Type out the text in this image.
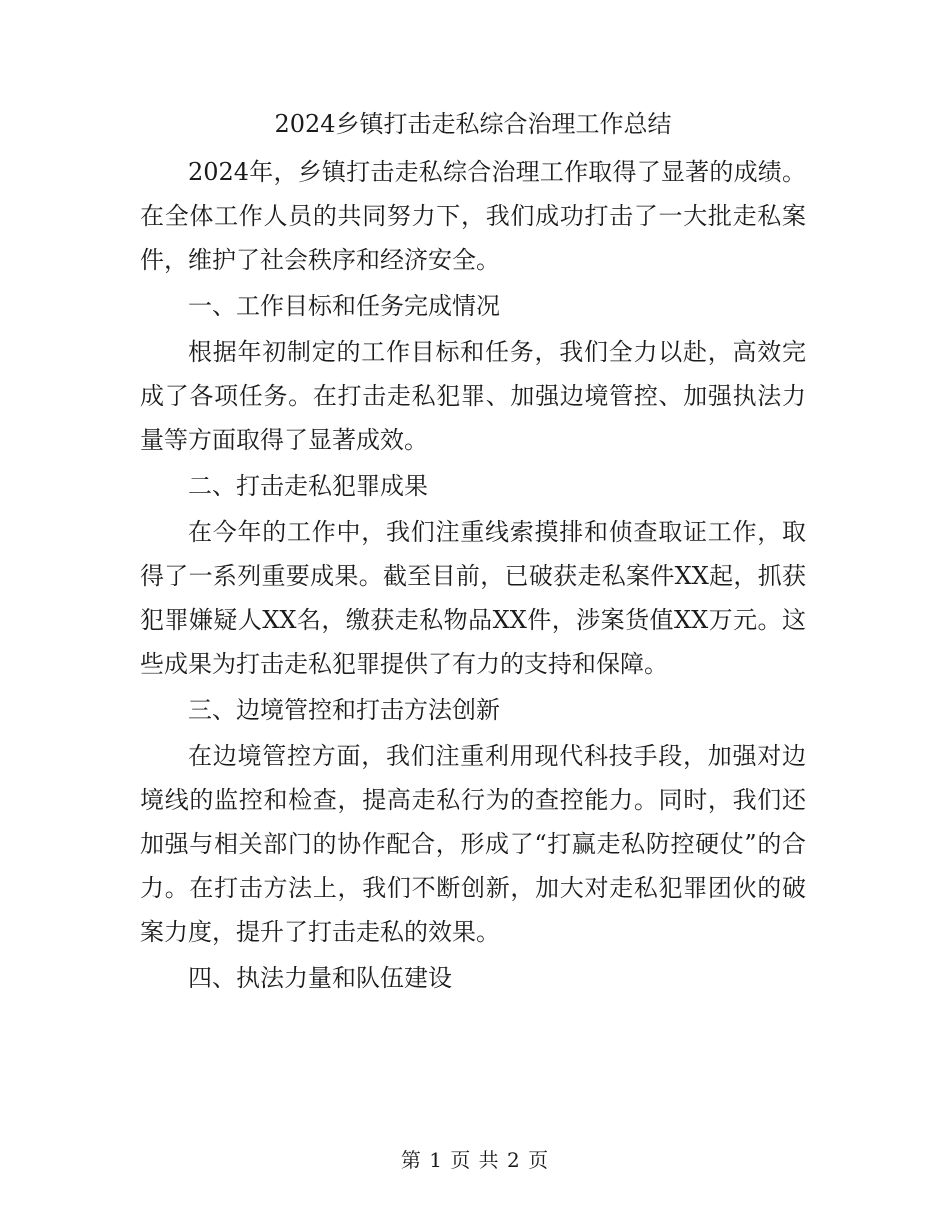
2024乡镇打击走私综合治理工作总结

2024年，乡镇打击走私综合治理工作取得了显著的成绩。在全体工作人员的共同努力下，我们成功打击了一大批走私案件，维护了社会秩序和经济安全。

一、工作目标和任务完成情况

根据年初制定的工作目标和任务，我们全力以赴，高效完成了各项任务。在打击走私犯罪、加强边境管控、加强执法力量等方面取得了显著成效。

二、打击走私犯罪成果

在今年的工作中，我们注重线索摸排和侦查取证工作，取得了一系列重要成果。截至目前，已破获走私案件XX起，抓获犯罪嫌疑人XX名，缴获走私物品XX件，涉案货值XX万元。这些成果为打击走私犯罪提供了有力的支持和保障。

三、边境管控和打击方法创新

在边境管控方面，我们注重利用现代科技手段，加强对边境线的监控和检查，提高走私行为的查控能力。同时，我们还加强与相关部门的协作配合，形成了“打赢走私防控硬仗”的合力。在打击方法上，我们不断创新，加大对走私犯罪团伙的破案力度，提升了打击走私的效果。

四、执法力量和队伍建设

第 1 页 共 2 页
